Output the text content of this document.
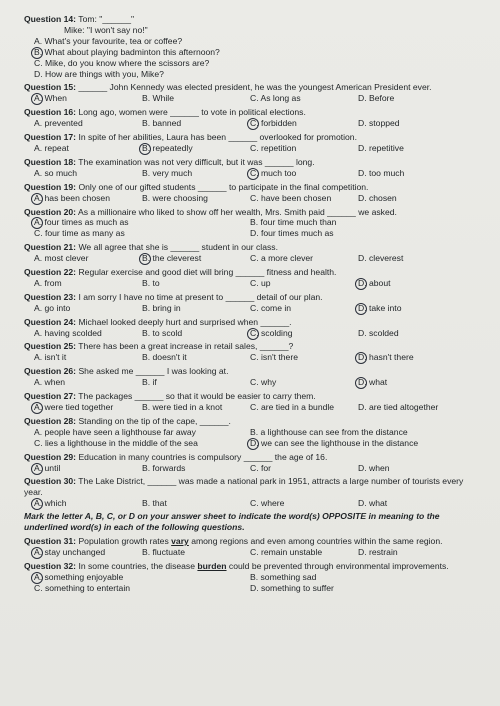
Question 14: Tom: "______"
Mike: "I won't say no!"
A. What's your favourite, tea or coffee?
B. What about playing badminton this afternoon?
C. Mike, do you know where the scissors are?
D. How are things with you, Mike?
Question 15: ______ John Kennedy was elected president, he was the youngest American President ever.
A. When	B. While	C. As long as	D. Before
Question 16: Long ago, women were ______ to vote in political elections.
A. prevented	B. banned	C. forbidden	D. stopped
Question 17: In spite of her abilities, Laura has been ______ overlooked for promotion.
A. repeat	B. repeatedly	C. repetition	D. repetitive
Question 18: The examination was not very difficult, but it was ______ long.
A. so much	B. very much	C. much too	D. too much
Question 19: Only one of our gifted students ______ to participate in the final competition.
A. has been chosen	B. were choosing	C. have been chosen	D. chosen
Question 20: As a millionaire who liked to show off her wealth, Mrs. Smith paid ______ we asked.
A. four times as much as	B. four time much than
C. four time as many as	D. four times much as
Question 21: We all agree that she is ______ student in our class.
A. most clever	B. the cleverest	C. a more clever	D. cleverest
Question 22: Regular exercise and good diet will bring ______ fitness and health.
A. from	B. to	C. up	D. about
Question 23: I am sorry I have no time at present to ______ detail of our plan.
A. go into	B. bring in	C. come in	D. take into
Question 24: Michael looked deeply hurt and surprised when ______.
A. having scolded	B. to scold	C. scolding	D. scolded
Question 25: There has been a great increase in retail sales, ______?
A. isn't it	B. doesn't it	C. isn't there	D. hasn't there
Question 26: She asked me ______ I was looking at.
A. when	B. if	C. why	D. what
Question 27: The packages ______ so that it would be easier to carry them.
A. were tied together	B. were tied in a knot	C. are tied in a bundle	D. are tied altogether
Question 28: Standing on the tip of the cape, ______.
A. people have seen a lighthouse far away	B. a lighthouse can see from the distance
C. lies a lighthouse in the middle of the sea	D. we can see the lighthouse in the distance
Question 29: Education in many countries is compulsory ______ the age of 16.
A. until	B. forwards	C. for	D. when
Question 30: The Lake District, ______ was made a national park in 1951, attracts a large number of tourists every year.
A. which	B. that	C. where	D. what
Mark the letter A, B, C, or D on your answer sheet to indicate the word(s) OPPOSITE in meaning to the underlined word(s) in each of the following questions.
Question 31: Population growth rates vary among regions and even among countries within the same region.
A. stay unchanged	B. fluctuate	C. remain unstable	D. restrain
Question 32: In some countries, the disease burden could be prevented through environmental improvements.
A. something enjoyable	B. something sad
C. something to entertain	D. something to suffer
